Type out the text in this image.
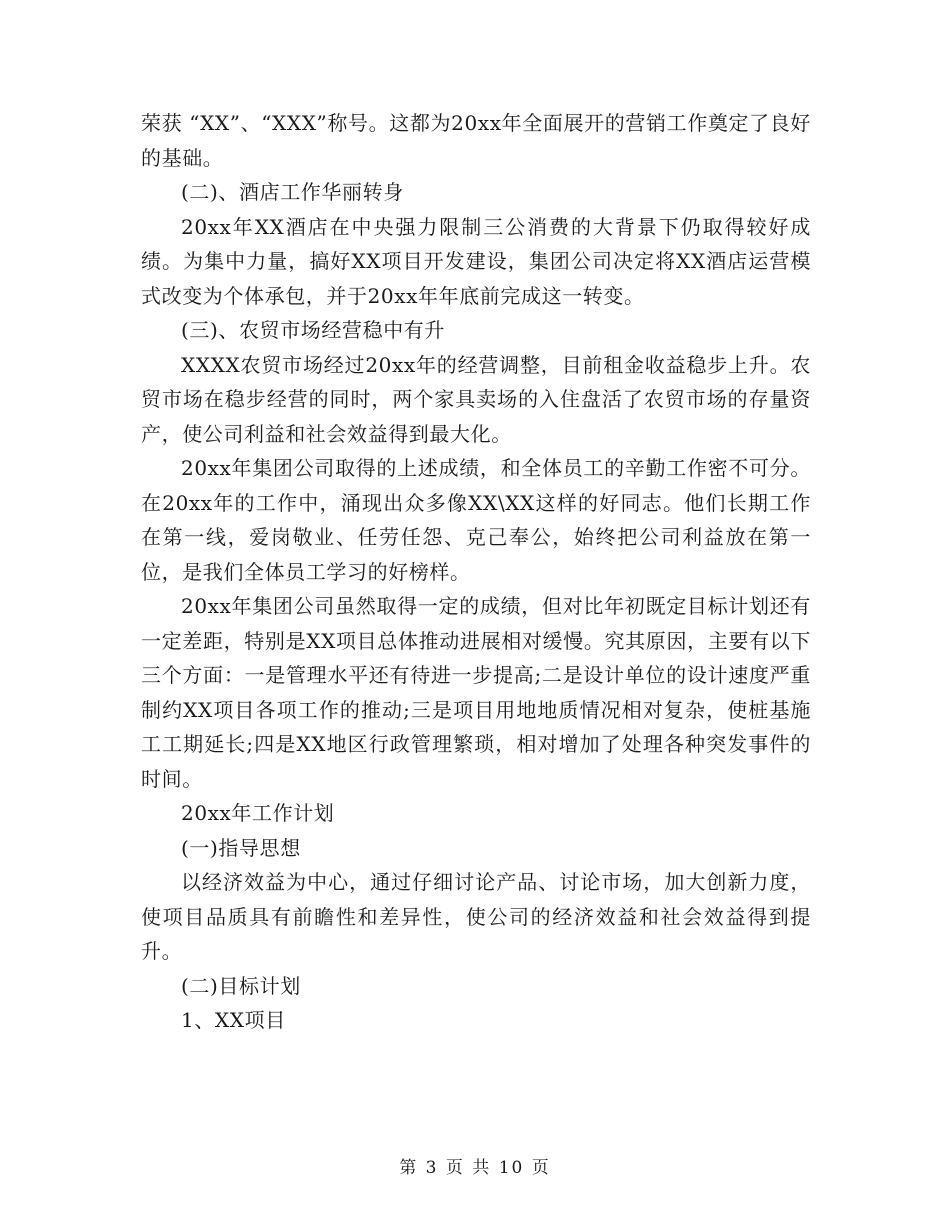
荣获 “XX”、“XXX”称号。这都为20xx年全面展开的营销工作奠定了良好的基础。

(二)、酒店工作华丽转身

20xx年XX酒店在中央强力限制三公消费的大背景下仍取得较好成绩。为集中力量，搞好XX项目开发建设，集团公司决定将XX酒店运营模式改变为个体承包，并于20xx年年底前完成这一转变。

(三)、农贸市场经营稳中有升

XXXX农贸市场经过20xx年的经营调整，目前租金收益稳步上升。农贸市场在稳步经营的同时，两个家具卖场的入住盘活了农贸市场的存量资产，使公司利益和社会效益得到最大化。

20xx年集团公司取得的上述成绩，和全体员工的辛勤工作密不可分。在20xx年的工作中，涌现出众多像XX\XX这样的好同志。他们长期工作在第一线，爱岗敬业、任劳任怨、克己奉公，始终把公司利益放在第一位，是我们全体员工学习的好榜样。

20xx年集团公司虽然取得一定的成绩，但对比年初既定目标计划还有一定差距，特别是XX项目总体推动进展相对缓慢。究其原因，主要有以下三个方面：一是管理水平还有待进一步提高;二是设计单位的设计速度严重制约XX项目各项工作的推动;三是项目用地地质情况相对复杂，使桩基施工工期延长;四是XX地区行政管理繁琐，相对增加了处理各种突发事件的时间。

20xx年工作计划

(一)指导思想

以经济效益为中心，通过仔细讨论产品、讨论市场，加大创新力度，使项目品质具有前瞻性和差异性，使公司的经济效益和社会效益得到提升。

(二)目标计划

1、XX项目

第 3 页 共 10 页
